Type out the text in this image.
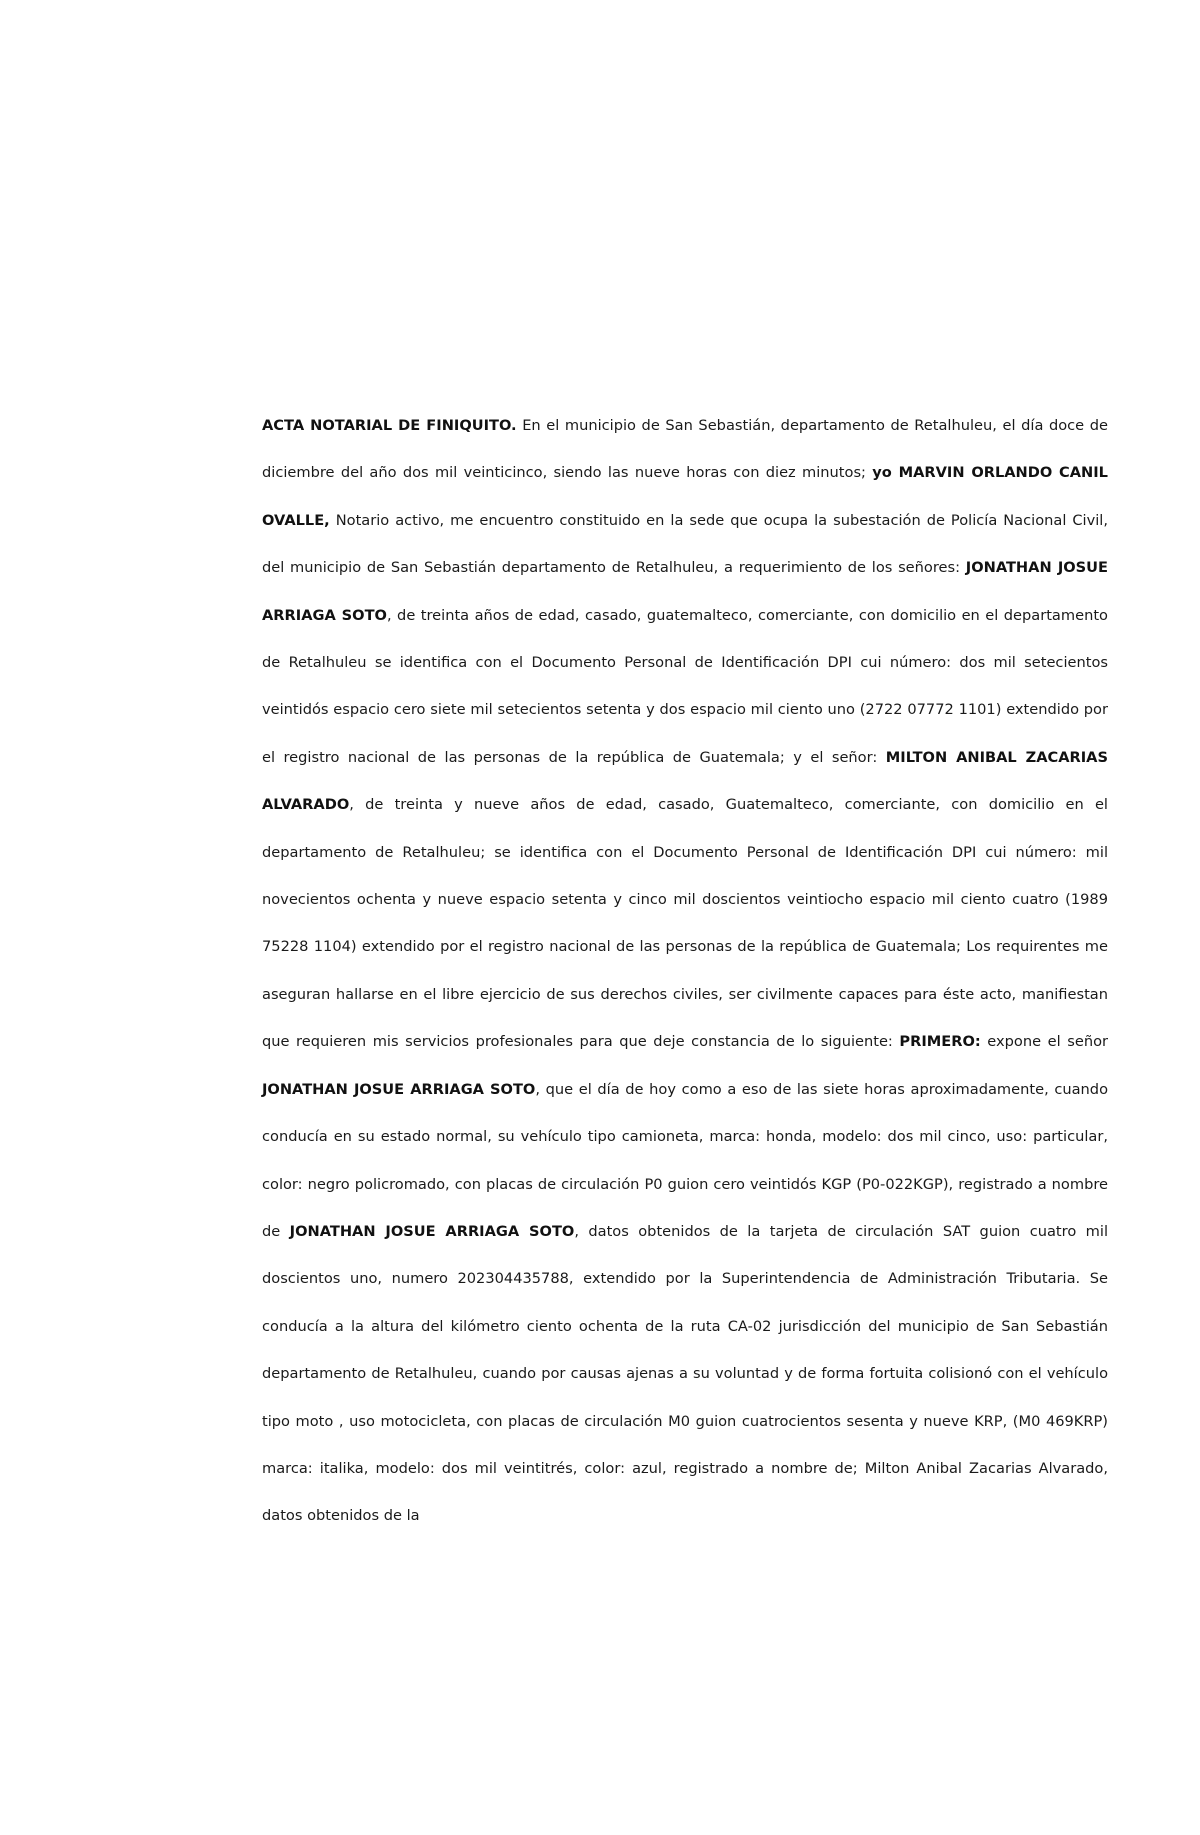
ACTA NOTARIAL DE FINIQUITO. En el municipio de San Sebastián, departamento de Retalhuleu, el día doce de diciembre del año dos mil veinticinco, siendo las nueve horas con diez minutos; yo MARVIN ORLANDO CANIL OVALLE, Notario activo, me encuentro constituido en la sede que ocupa la subestación de Policía Nacional Civil, del municipio de San Sebastián departamento de Retalhuleu, a requerimiento de los señores: JONATHAN JOSUE ARRIAGA SOTO, de treinta años de edad, casado, guatemalteco, comerciante, con domicilio en el departamento de Retalhuleu se identifica con el Documento Personal de Identificación DPI cui número: dos mil setecientos veintidós espacio cero siete mil setecientos setenta y dos espacio mil ciento uno (2722 07772 1101) extendido por el registro nacional de las personas de la república de Guatemala; y el señor: MILTON ANIBAL ZACARIAS ALVARADO, de treinta y nueve años de edad, casado, Guatemalteco, comerciante, con domicilio en el departamento de Retalhuleu; se identifica con el Documento Personal de Identificación DPI cui número: mil novecientos ochenta y nueve espacio setenta y cinco mil doscientos veintiocho espacio mil ciento cuatro (1989 75228 1104) extendido por el registro nacional de las personas de la república de Guatemala; Los requirentes me aseguran hallarse en el libre ejercicio de sus derechos civiles, ser civilmente capaces para éste acto, manifiestan que requieren mis servicios profesionales para que deje constancia de lo siguiente: PRIMERO: expone el señor JONATHAN JOSUE ARRIAGA SOTO, que el día de hoy como a eso de las siete horas aproximadamente, cuando conducía en su estado normal, su vehículo tipo camioneta, marca: honda, modelo: dos mil cinco, uso: particular, color: negro policromado, con placas de circulación P0 guion cero veintidós KGP (P0-022KGP), registrado a nombre de JONATHAN JOSUE ARRIAGA SOTO, datos obtenidos de la tarjeta de circulación SAT guion cuatro mil doscientos uno, numero 202304435788, extendido por la Superintendencia de Administración Tributaria. Se conducía a la altura del kilómetro ciento ochenta de la ruta CA-02 jurisdicción del municipio de San Sebastián departamento de Retalhuleu, cuando por causas ajenas a su voluntad y de forma fortuita colisionó con el vehículo tipo moto , uso motocicleta, con placas de circulación M0 guion cuatrocientos sesenta y nueve KRP, (M0 469KRP) marca: italika, modelo: dos mil veintitrés, color: azul, registrado a nombre de; Milton Anibal Zacarias Alvarado, datos obtenidos de la
